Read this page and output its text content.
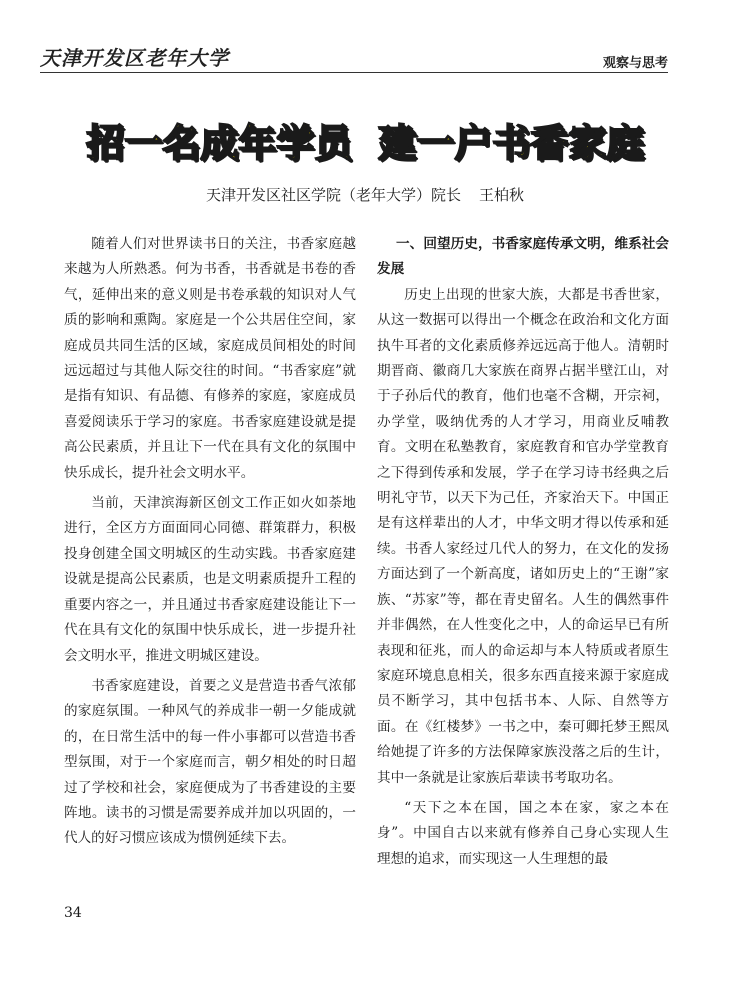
天津开发区老年大学	观察与思考
招一名成年学员 建一户书香家庭
天津开发区社区学院（老年大学）院长 王柏秋

随着人们对世界读书日的关注，书香家庭越来越为人所熟悉。何为书香，书香就是书卷的香气，延伸出来的意义则是书卷承载的知识对人气质的影响和熏陶。家庭是一个公共居住空间，家庭成员共同生活的区域，家庭成员间相处的时间远远超过与其他人际交往的时间。“书香家庭”就是指有知识、有品德、有修养的家庭，家庭成员喜爱阅读乐于学习的家庭。书香家庭建设就是提高公民素质，并且让下一代在具有文化的氛围中快乐成长，提升社会文明水平。

当前，天津滨海新区创文工作正如火如荼地进行，全区方方面面同心同德、群策群力，积极投身创建全国文明城区的生动实践。书香家庭建设就是提高公民素质，也是文明素质提升工程的重要内容之一，并且通过书香家庭建设能让下一代在具有文化的氛围中快乐成长，进一步提升社会文明水平，推进文明城区建设。

书香家庭建设，首要之义是营造书香气浓郁的家庭氛围。一种风气的养成非一朝一夕能成就的，在日常生活中的每一件小事都可以营造书香型氛围，对于一个家庭而言，朝夕相处的时日超过了学校和社会，家庭便成为了书香建设的主要阵地。读书的习惯是需要养成并加以巩固的，一代人的好习惯应该成为惯例延续下去。

一、回望历史，书香家庭传承文明，维系社会发展

历史上出现的世家大族，大都是书香世家，从这一数据可以得出一个概念在政治和文化方面执牛耳者的文化素质修养远远高于他人。清朝时期晋商、徽商几大家族在商界占据半壁江山，对于子孙后代的教育，他们也毫不含糊，开宗祠，办学堂，吸纳优秀的人才学习，用商业反哺教育。文明在私塾教育，家庭教育和官办学堂教育之下得到传承和发展，学子在学习诗书经典之后明礼守节，以天下为己任，齐家治天下。中国正是有这样辈出的人才，中华文明才得以传承和延续。书香人家经过几代人的努力，在文化的发扬方面达到了一个新高度，诸如历史上的“王谢”家族、“苏家”等，都在青史留名。人生的偶然事件并非偶然，在人性变化之中，人的命运早已有所表现和征兆，而人的命运却与本人特质或者原生家庭环境息息相关，很多东西直接来源于家庭成员不断学习，其中包括书本、人际、自然等方面。在《红楼梦》一书之中，秦可卿托梦王熙凤给她提了许多的方法保障家族没落之后的生计，其中一条就是让家族后辈读书考取功名。

“天下之本在国，国之本在家，家之本在身”。中国自古以来就有修养自己身心实现人生理想的追求，而实现这一人生理想的最

34
